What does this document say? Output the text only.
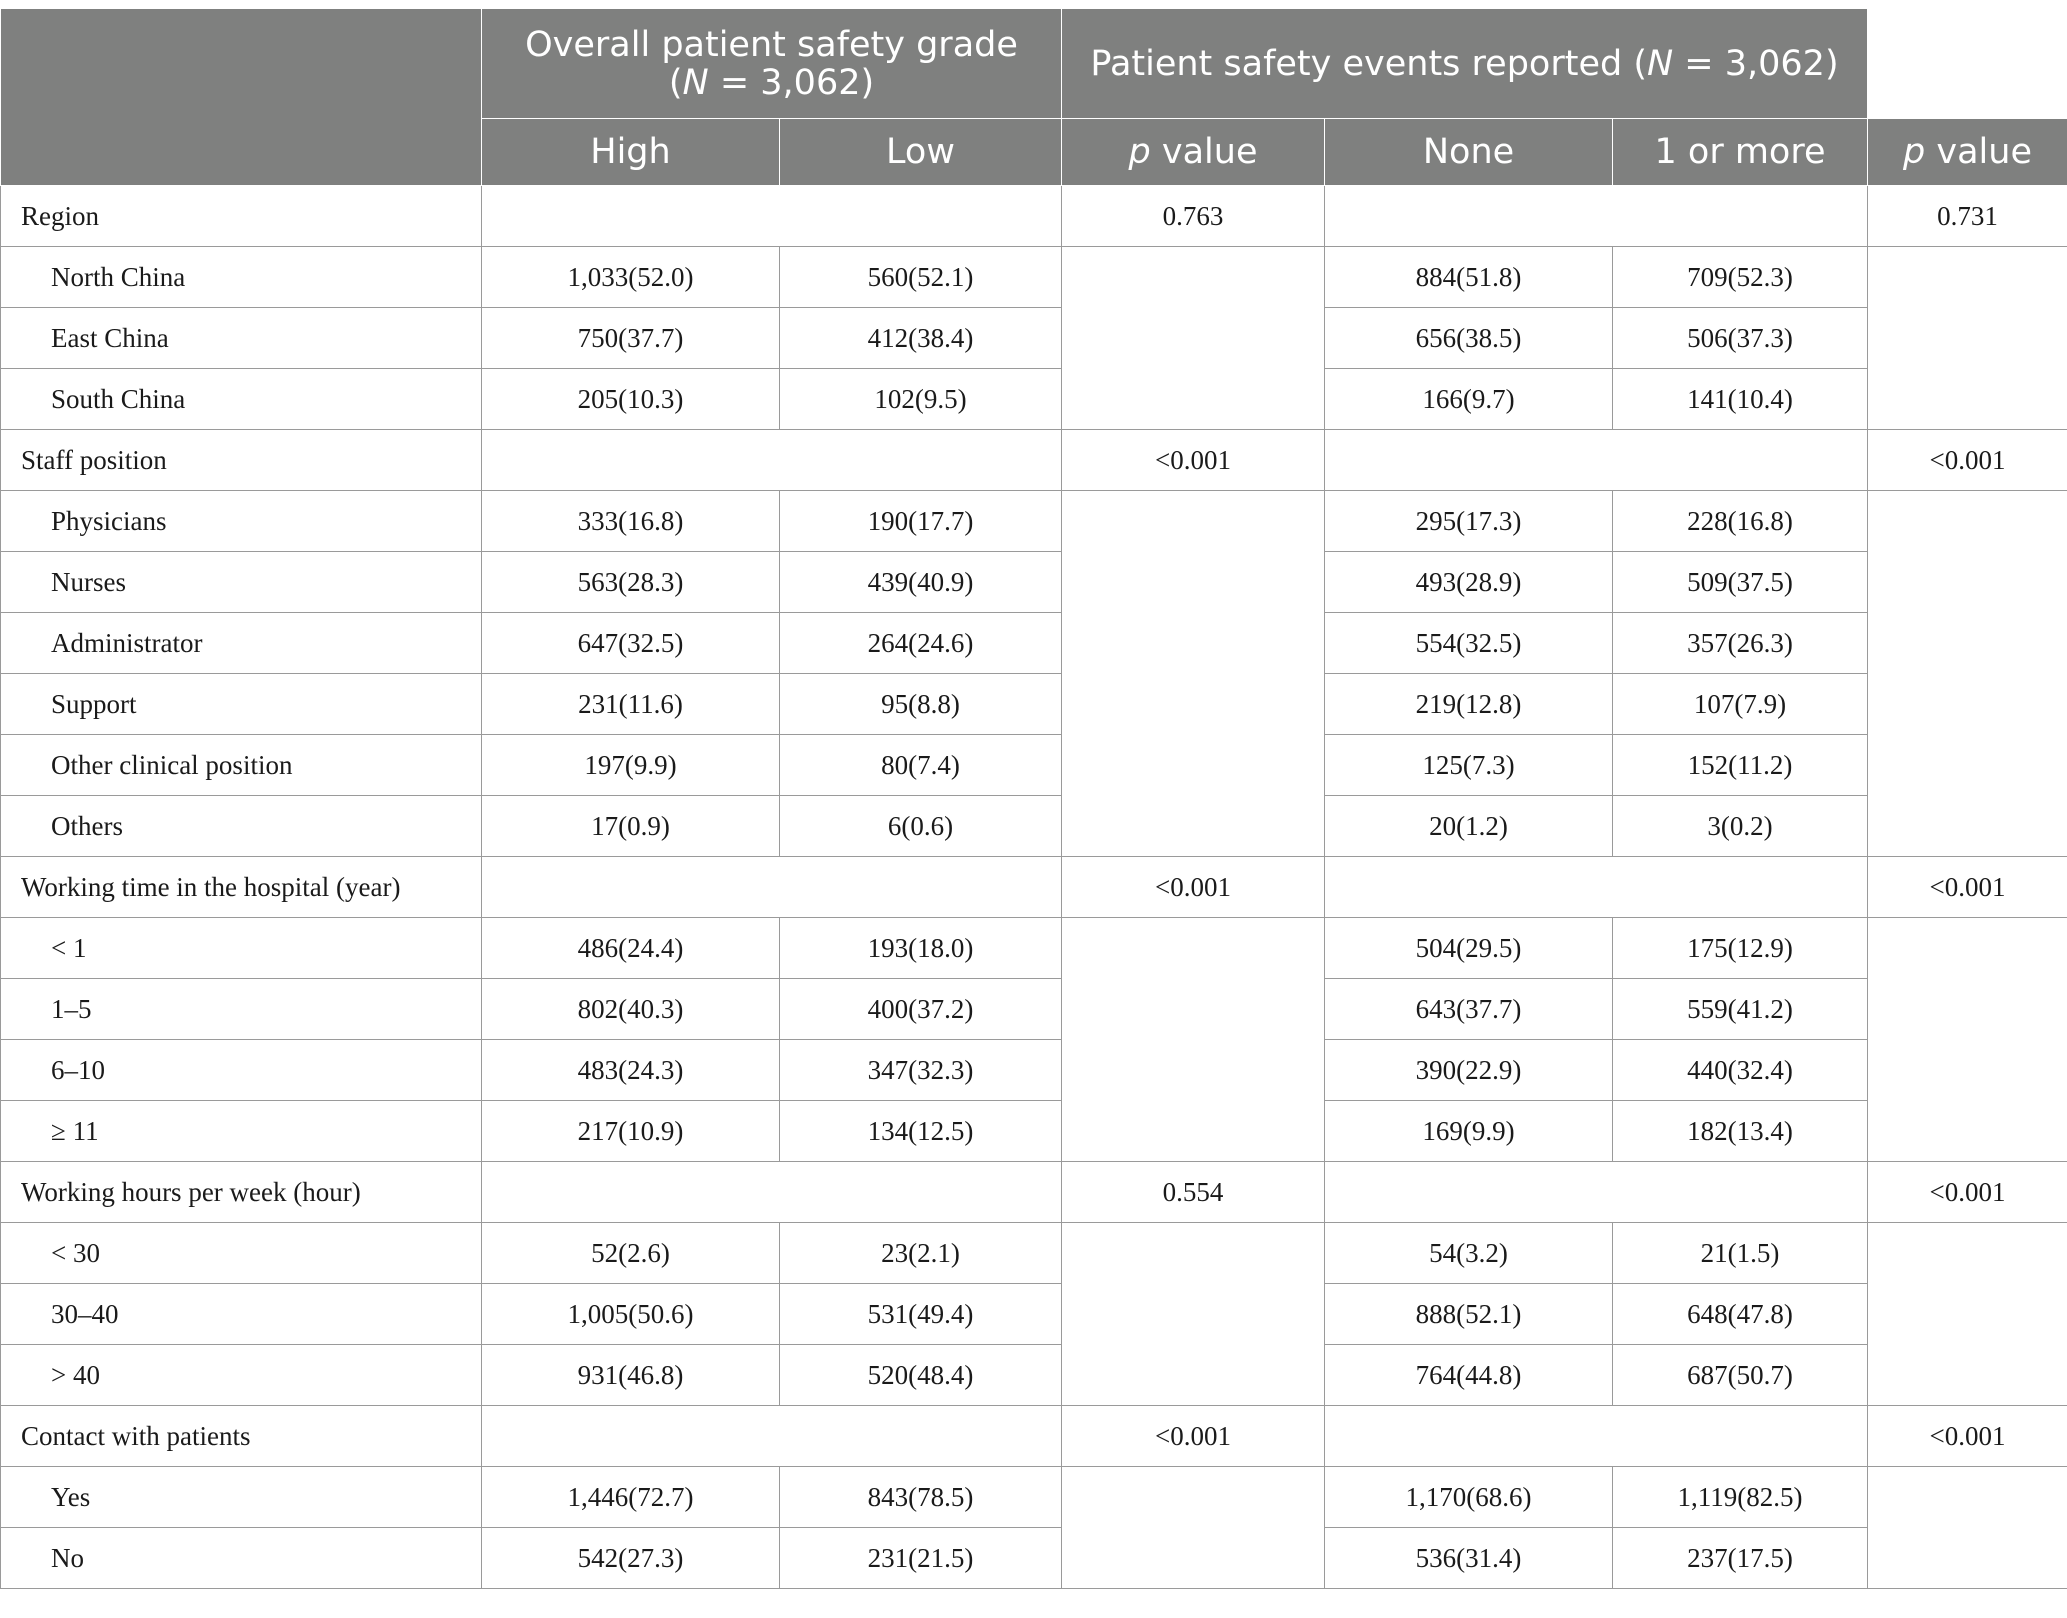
	Overall patient safety grade
(N = 3,062)		Patient safety events reported (N = 3,062)			
	High	Low	p value	None	1 or more	p value
Region			0.763			0.731
North China	1,033(52.0)	560(52.1)		884(51.8)	709(52.3)	
East China	750(37.7)	412(38.4)		656(38.5)	506(37.3)	
South China	205(10.3)	102(9.5)		166(9.7)	141(10.4)	
Staff position			<0.001			<0.001
Physicians	333(16.8)	190(17.7)		295(17.3)	228(16.8)	
Nurses	563(28.3)	439(40.9)		493(28.9)	509(37.5)	
Administrator	647(32.5)	264(24.6)		554(32.5)	357(26.3)	
Support	231(11.6)	95(8.8)		219(12.8)	107(7.9)	
Other clinical position	197(9.9)	80(7.4)		125(7.3)	152(11.2)	
Others	17(0.9)	6(0.6)		20(1.2)	3(0.2)	
Working time in the hospital (year)			<0.001			<0.001
< 1	486(24.4)	193(18.0)		504(29.5)	175(12.9)	
1–5	802(40.3)	400(37.2)		643(37.7)	559(41.2)	
6–10	483(24.3)	347(32.3)		390(22.9)	440(32.4)	
≥ 11	217(10.9)	134(12.5)		169(9.9)	182(13.4)	
Working hours per week (hour)			0.554			<0.001
< 30	52(2.6)	23(2.1)		54(3.2)	21(1.5)	
30–40	1,005(50.6)	531(49.4)		888(52.1)	648(47.8)	
> 40	931(46.8)	520(48.4)		764(44.8)	687(50.7)	
Contact with patients			<0.001			<0.001
Yes	1,446(72.7)	843(78.5)		1,170(68.6)	1,119(82.5)	
No	542(27.3)	231(21.5)		536(31.4)	237(17.5)	
